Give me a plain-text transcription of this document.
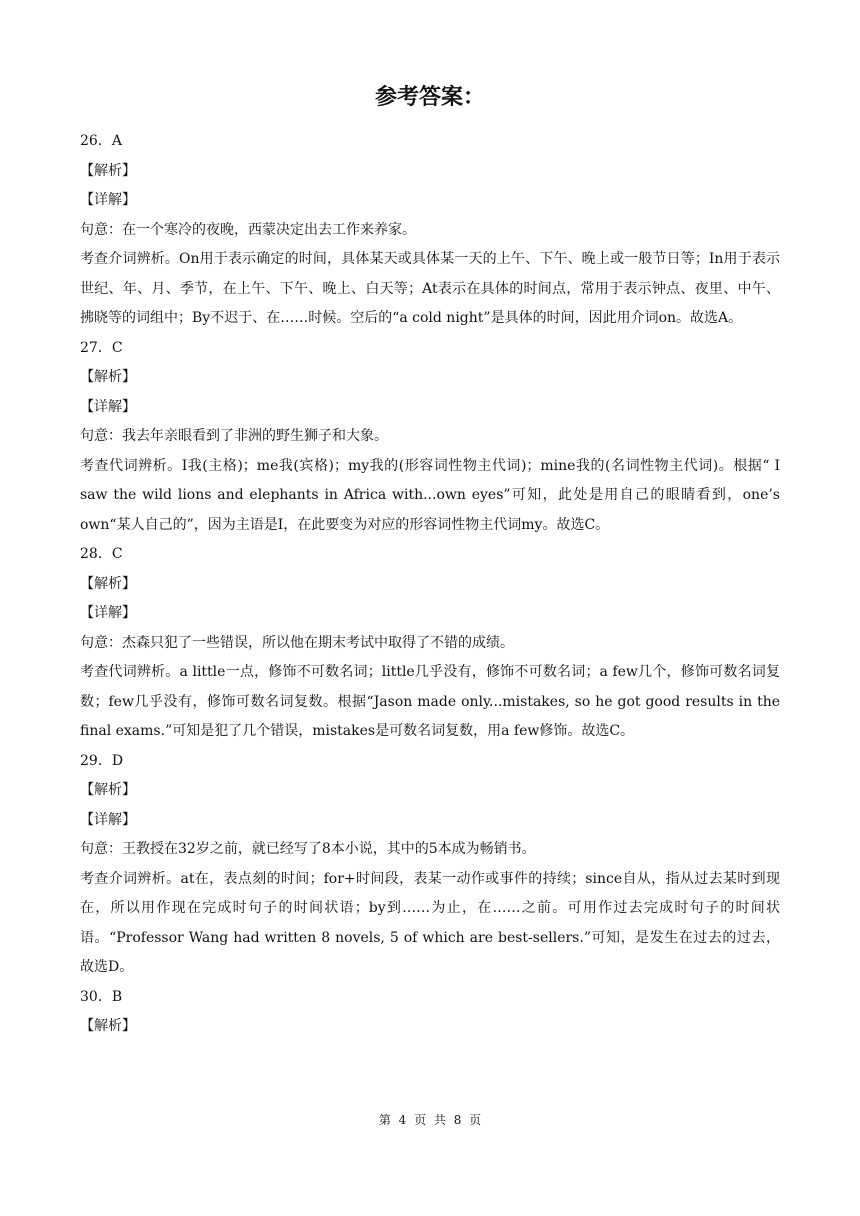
参考答案：

26．A

【解析】

【详解】

句意：在一个寒冷的夜晚，西蒙决定出去工作来养家。

考查介词辨析。On用于表示确定的时间，具体某天或具体某一天的上午、下午、晚上或一般节日等；In用于表示世纪、年、月、季节，在上午、下午、晚上、白天等；At表示在具体的时间点，常用于表示钟点、夜里、中午、拂晓等的词组中；By不迟于、在……时候。空后的“a cold night”是具体的时间，因此用介词on。故选A。

27．C

【解析】

【详解】

句意：我去年亲眼看到了非洲的野生狮子和大象。

考查代词辨析。I我(主格)；me我(宾格)；my我的(形容词性物主代词)；mine我的(名词性物主代词)。根据“ I saw the wild lions and elephants in Africa with...own eyes”可知，此处是用自己的眼睛看到，one’s own“某人自己的”，因为主语是I，在此要变为对应的形容词性物主代词my。故选C。

28．C

【解析】

【详解】

句意：杰森只犯了一些错误，所以他在期末考试中取得了不错的成绩。

考查代词辨析。a little一点，修饰不可数名词；little几乎没有，修饰不可数名词；a few几个，修饰可数名词复数；few几乎没有，修饰可数名词复数。根据“Jason made only...mistakes, so he got good results in the final exams.”可知是犯了几个错误，mistakes是可数名词复数，用a few修饰。故选C。

29．D

【解析】

【详解】

句意：王教授在32岁之前，就已经写了8本小说，其中的5本成为畅销书。

考查介词辨析。at在，表点刻的时间；for+时间段，表某一动作或事件的持续；since自从，指从过去某时到现在，所以用作现在完成时句子的时间状语；by到……为止，在……之前。可用作过去完成时句子的时间状语。“Professor Wang had written 8 novels, 5 of which are best-sellers.”可知，是发生在过去的过去，故选D。

30．B

【解析】

第 4 页 共 8 页
